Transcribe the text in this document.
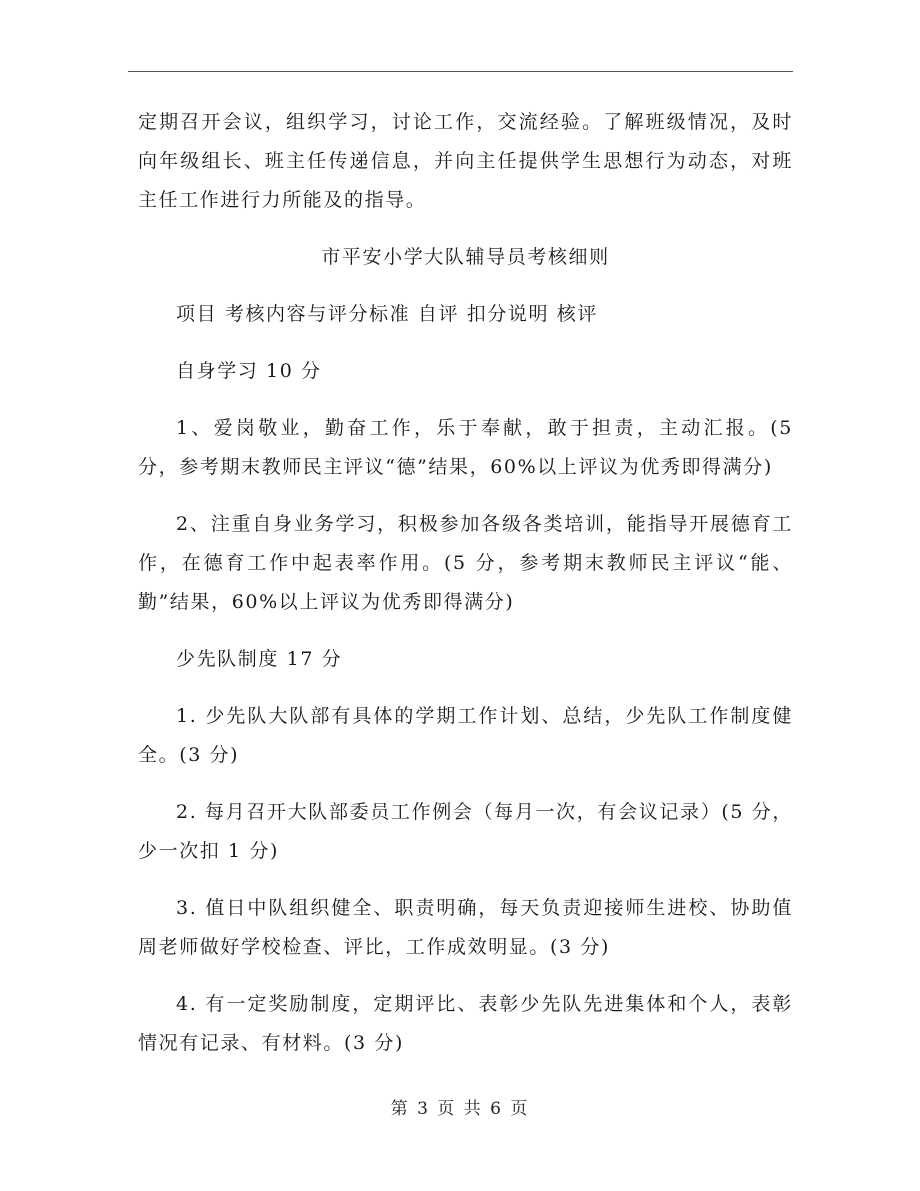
定期召开会议，组织学习，讨论工作，交流经验。了解班级情况，及时向年级组长、班主任传递信息，并向主任提供学生思想行为动态，对班主任工作进行力所能及的指导。

市平安小学大队辅导员考核细则

项目 考核内容与评分标准 自评 扣分说明 核评

自身学习 10 分

1、爱岗敬业，勤奋工作，乐于奉献，敢于担责，主动汇报。(5 分，参考期末教师民主评议“德”结果，60%以上评议为优秀即得满分)

2、注重自身业务学习，积极参加各级各类培训，能指导开展德育工作，在德育工作中起表率作用。(5 分，参考期末教师民主评议“能、勤”结果，60%以上评议为优秀即得满分)

少先队制度 17 分

1. 少先队大队部有具体的学期工作计划、总结，少先队工作制度健全。(3 分)

2. 每月召开大队部委员工作例会（每月一次，有会议记录）(5 分，少一次扣 1 分)

3. 值日中队组织健全、职责明确，每天负责迎接师生进校、协助值周老师做好学校检查、评比，工作成效明显。(3 分)

4. 有一定奖励制度，定期评比、表彰少先队先进集体和个人，表彰情况有记录、有材料。(3 分)

第 3 页 共 6 页
